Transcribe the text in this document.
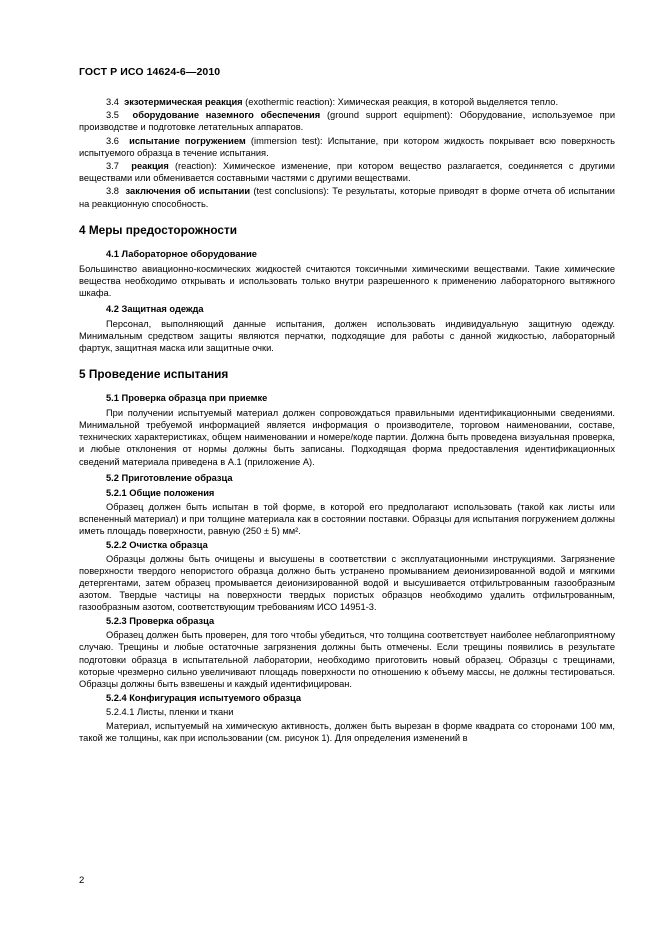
ГОСТ Р ИСО 14624-6—2010

3.4 экзотермическая реакция (exothermic reaction): Химическая реакция, в которой выделяется тепло.

3.5 оборудование наземного обеспечения (ground support equipment): Оборудование, используемое при производстве и подготовке летательных аппаратов.

3.6 испытание погружением (immersion test): Испытание, при котором жидкость покрывает всю поверхность испытуемого образца в течение испытания.

3.7 реакция (reaction): Химическое изменение, при котором вещество разлагается, соединяется с другими веществами или обменивается составными частями с другими веществами.

3.8 заключения об испытании (test conclusions): Те результаты, которые приводят в форме отчета об испытании на реакционную способность.

4 Меры предосторожности
4.1 Лабораторное оборудование

Большинство авиационно-космических жидкостей считаются токсичными химическими веществами. Такие химические вещества необходимо открывать и использовать только внутри разрешенного к применению лабораторного вытяжного шкафа.

4.2 Защитная одежда

Персонал, выполняющий данные испытания, должен использовать индивидуальную защитную одежду. Минимальным средством защиты являются перчатки, подходящие для работы с данной жидкостью, лабораторный фартук, защитная маска или защитные очки.

5 Проведение испытания
5.1 Проверка образца при приемке

При получении испытуемый материал должен сопровождаться правильными идентификационными сведениями. Минимальной требуемой информацией является информация о производителе, торговом наименовании, составе, технических характеристиках, общем наименовании и номере/коде партии. Должна быть проведена визуальная проверка, и любые отклонения от нормы должны быть записаны. Подходящая форма предоставления идентификационных сведений материала приведена в А.1 (приложение А).

5.2 Приготовление образца
5.2.1 Общие положения

Образец должен быть испытан в той форме, в которой его предполагают использовать (такой как листы или вспененный материал) и при толщине материала как в состоянии поставки. Образцы для испытания погружением должны иметь площадь поверхности, равную (250 ± 5) мм².

5.2.2 Очистка образца

Образцы должны быть очищены и высушены в соответствии с эксплуатационными инструкциями. Загрязнение поверхности твердого непористого образца должно быть устранено промыванием деионизированной водой и мягкими детергентами, затем образец промывается деионизированной водой и высушивается отфильтрованным газообразным азотом. Твердые частицы на поверхности твердых пористых образцов необходимо удалить отфильтрованным, газообразным азотом, соответствующим требованиям ИСО 14951-3.

5.2.3 Проверка образца

Образец должен быть проверен, для того чтобы убедиться, что толщина соответствует наиболее неблагоприятному случаю. Трещины и любые остаточные загрязнения должны быть отмечены. Если трещины появились в результате подготовки образца в испытательной лаборатории, необходимо приготовить новый образец. Образцы с трещинами, которые чрезмерно сильно увеличивают площадь поверхности по отношению к объему массы, не должны тестироваться. Образцы должны быть взвешены и каждый идентифицирован.

5.2.4 Конфигурация испытуемого образца
5.2.4.1 Листы, пленки и ткани

Материал, испытуемый на химическую активность, должен быть вырезан в форме квадрата со сторонами 100 мм, такой же толщины, как при использовании (см. рисунок 1). Для определения изменений в

2
